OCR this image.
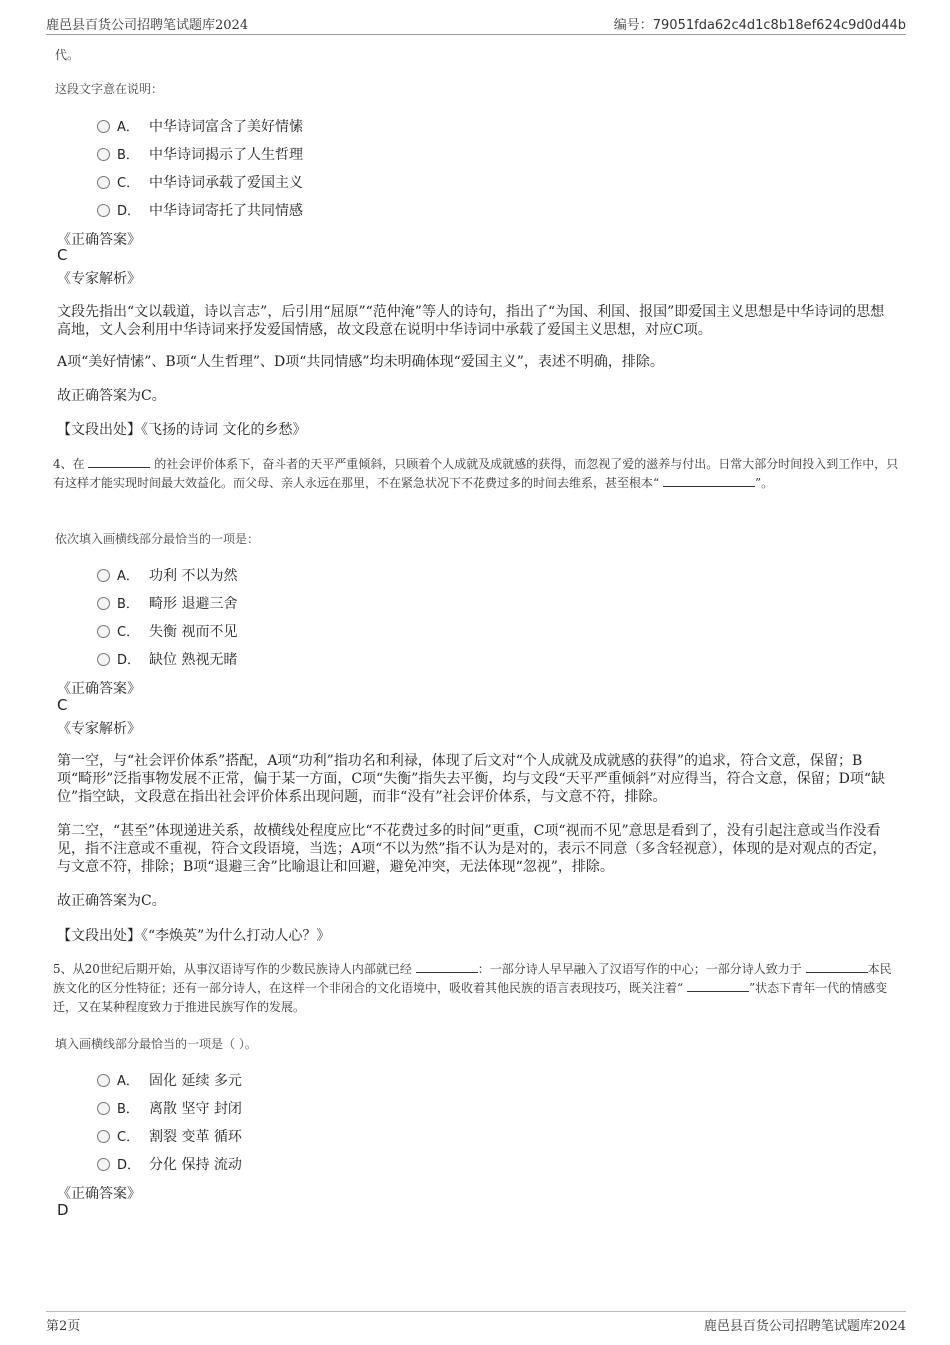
鹿邑县百货公司招聘笔试题库2024	编号：79051fda62c4d1c8b18ef624c9d0d44b
代。
这段文字意在说明：
A． 中华诗词富含了美好情愫
B． 中华诗词揭示了人生哲理
C． 中华诗词承载了爱国主义
D． 中华诗词寄托了共同情感
《正确答案》
C
《专家解析》
文段先指出“文以载道，诗以言志”，后引用“屈原”“范仲淹”等人的诗句，指出了“为国、利国、报国”即爱国主义思想是中华诗词的思想高地，文人会利用中华诗词来抒发爱国情感，故文段意在说明中华诗词中承载了爱国主义思想，对应C项。
A项“美好情愫”、B项“人生哲理”、D项“共同情感”均未明确体现“爱国主义”，表述不明确，排除。
故正确答案为C。
【文段出处】《飞扬的诗词 文化的乡愁》
4、在	的社会评价体系下，奋斗者的天平严重倾斜，只顾着个人成就及成就感的获得，而忽视了爱的滋养与付出。日常大部分时间投入到工作中，只有这样才能实现时间最大效益化。而父母、亲人永远在那里，不在紧急状况下不花费过多的时间去维系，甚至根本“	”。
依次填入画横线部分最恰当的一项是：
A． 功利 不以为然
B． 畸形 退避三舍
C． 失衡 视而不见
D． 缺位 熟视无睹
《正确答案》
C
《专家解析》
第一空，与“社会评价体系”搭配，A项“功利”指功名和利禄，体现了后文对“个人成就及成就感的获得”的追求，符合文意，保留；B项“畸形”泛指事物发展不正常，偏于某一方面，C项“失衡”指失去平衡，均与文段“天平严重倾斜”对应得当，符合文意，保留；D项“缺位”指空缺，文段意在指出社会评价体系出现问题，而非“没有”社会评价体系，与文意不符，排除。
第二空，“甚至”体现递进关系，故横线处程度应比“不花费过多的时间”更重，C项“视而不见”意思是看到了，没有引起注意或当作没看见，指不注意或不重视，符合文段语境，当选；A项“不以为然”指不认为是对的，表示不同意（多含轻视意），体现的是对观点的否定，与文意不符，排除；B项“退避三舍”比喻退让和回避，避免冲突，无法体现“忽视”，排除。
故正确答案为C。
【文段出处】《“李焕英”为什么打动人心？》
5、从20世纪后期开始，从事汉语诗写作的少数民族诗人内部就已经	：一部分诗人早早融入了汉语写作的中心；一部分诗人致力于	本民族文化的区分性特征；还有一部分诗人，在这样一个非闭合的文化语境中，吸收着其他民族的语言表现技巧，既关注着“	”状态下青年一代的情感变迁，又在某种程度致力于推进民族写作的发展。
填入画横线部分最恰当的一项是（ ）。
A． 固化 延续 多元
B． 离散 坚守 封闭
C． 割裂 变革 循环
D． 分化 保持 流动
《正确答案》
D
第2页	鹿邑县百货公司招聘笔试题库2024
